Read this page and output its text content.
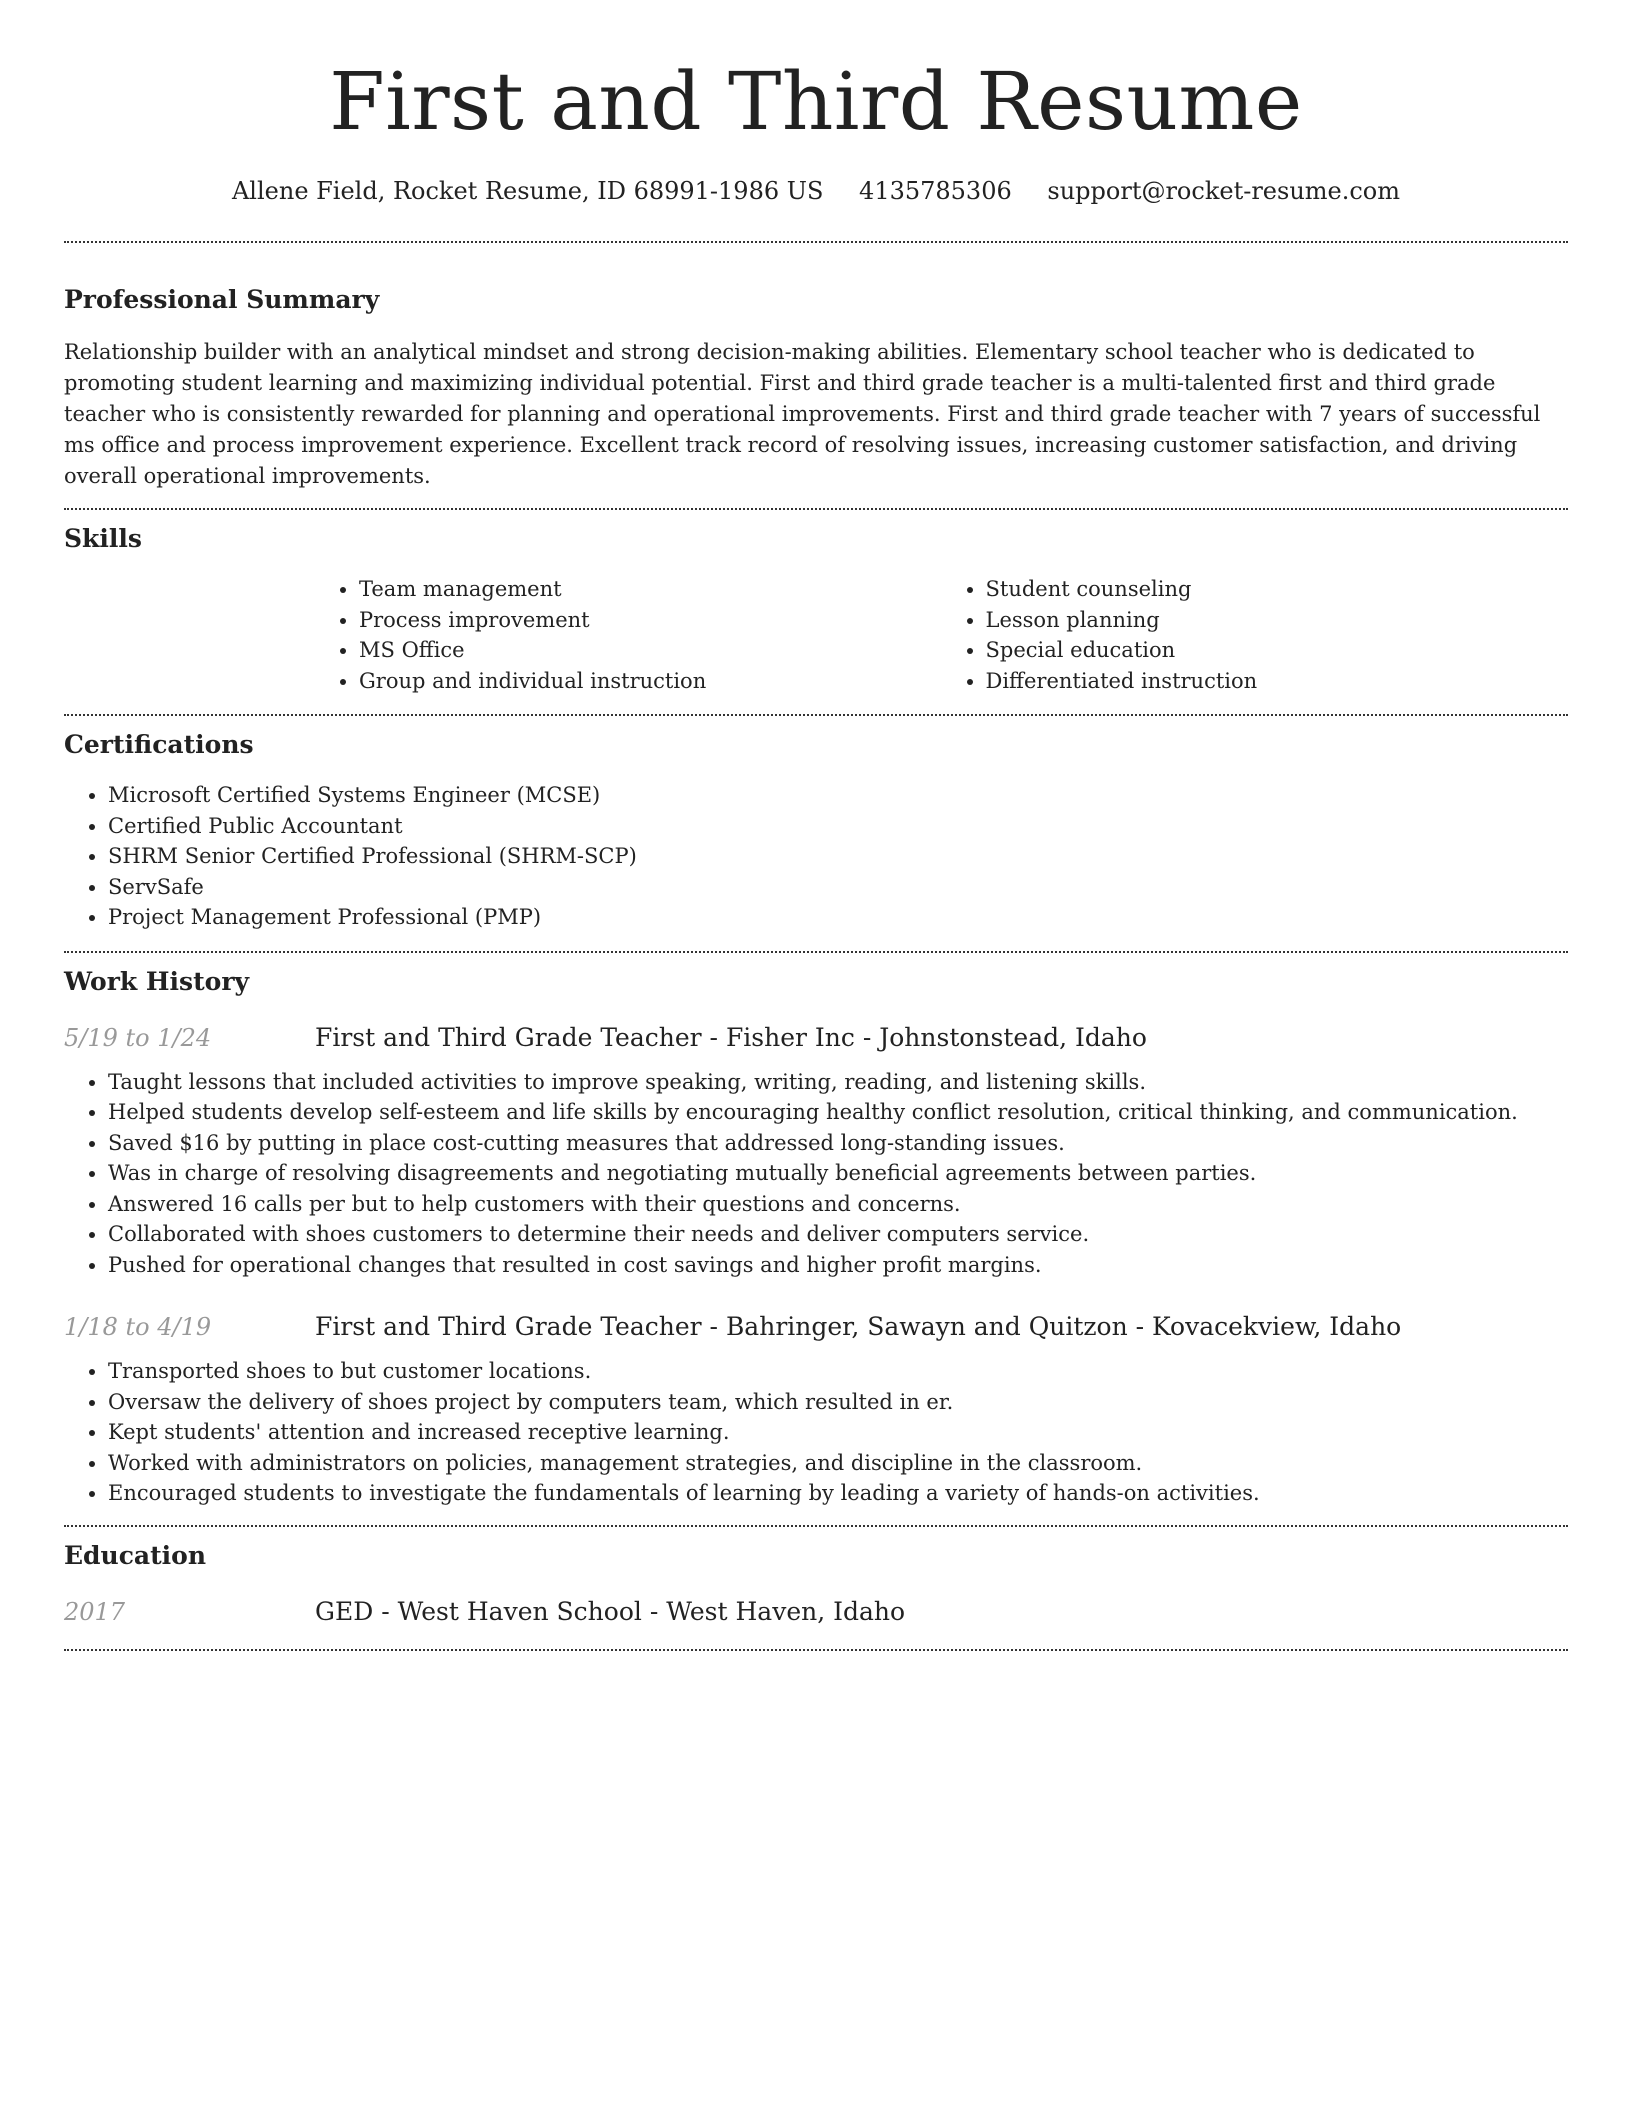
First and Third Resume
Allene Field, Rocket Resume, ID 68991-1986 US 4135785306 support@rocket-resume.com
Professional Summary

Relationship builder with an analytical mindset and strong decision-making abilities. Elementary school teacher who is dedicated to promoting student learning and maximizing individual potential. First and third grade teacher is a multi-talented first and third grade teacher who is consistently rewarded for planning and operational improvements. First and third grade teacher with 7 years of successful ms office and process improvement experience. Excellent track record of resolving issues, increasing customer satisfaction, and driving overall operational improvements.

Skills
• Team management
• Process improvement
• MS Office
• Group and individual instruction
• Student counseling
• Lesson planning
• Special education
• Differentiated instruction
Certifications
• Microsoft Certified Systems Engineer (MCSE)
• Certified Public Accountant
• SHRM Senior Certified Professional (SHRM-SCP)
• ServSafe
• Project Management Professional (PMP)
Work History
5/19 to 1/24	First and Third Grade Teacher - Fisher Inc - Johnstonstead, Idaho
• Taught lessons that included activities to improve speaking, writing, reading, and listening skills.
• Helped students develop self-esteem and life skills by encouraging healthy conflict resolution, critical thinking, and communication.
• Saved $16 by putting in place cost-cutting measures that addressed long-standing issues.
• Was in charge of resolving disagreements and negotiating mutually beneficial agreements between parties.
• Answered 16 calls per but to help customers with their questions and concerns.
• Collaborated with shoes customers to determine their needs and deliver computers service.
• Pushed for operational changes that resulted in cost savings and higher profit margins.
1/18 to 4/19	First and Third Grade Teacher - Bahringer, Sawayn and Quitzon - Kovacekview, Idaho
• Transported shoes to but customer locations.
• Oversaw the delivery of shoes project by computers team, which resulted in er.
• Kept students' attention and increased receptive learning.
• Worked with administrators on policies, management strategies, and discipline in the classroom.
• Encouraged students to investigate the fundamentals of learning by leading a variety of hands-on activities.
Education
2017	GED - West Haven School - West Haven, Idaho
